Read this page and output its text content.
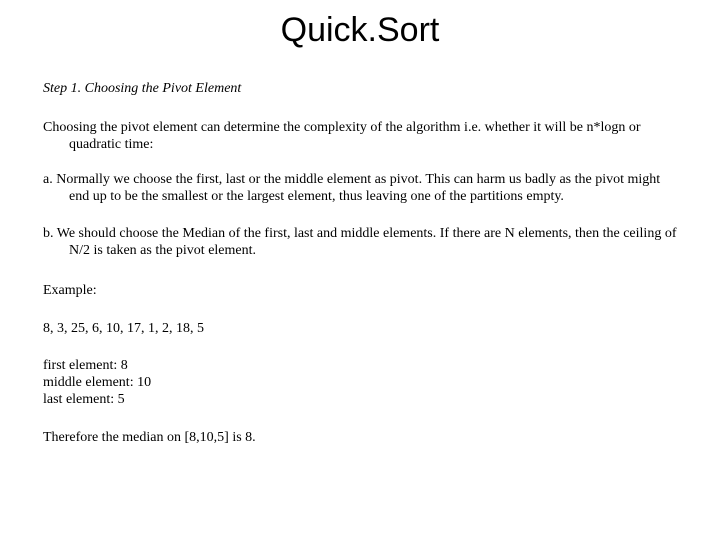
Quick.Sort

Step 1. Choosing the Pivot Element

Choosing the pivot element can determine the complexity of the algorithm i.e. whether it will be n*logn or quadratic time:

a. Normally we choose the first, last or the middle element as pivot. This can harm us badly as the pivot might end up to be the smallest or the largest element, thus leaving one of the partitions empty.

b. We should choose the Median of the first, last and middle elements. If there are N elements, then the ceiling of N/2 is taken as the pivot element.

Example:

8, 3, 25, 6, 10, 17, 1, 2, 18, 5

first element: 8

middle element: 10

last element: 5

Therefore the median on [8,10,5] is 8.
